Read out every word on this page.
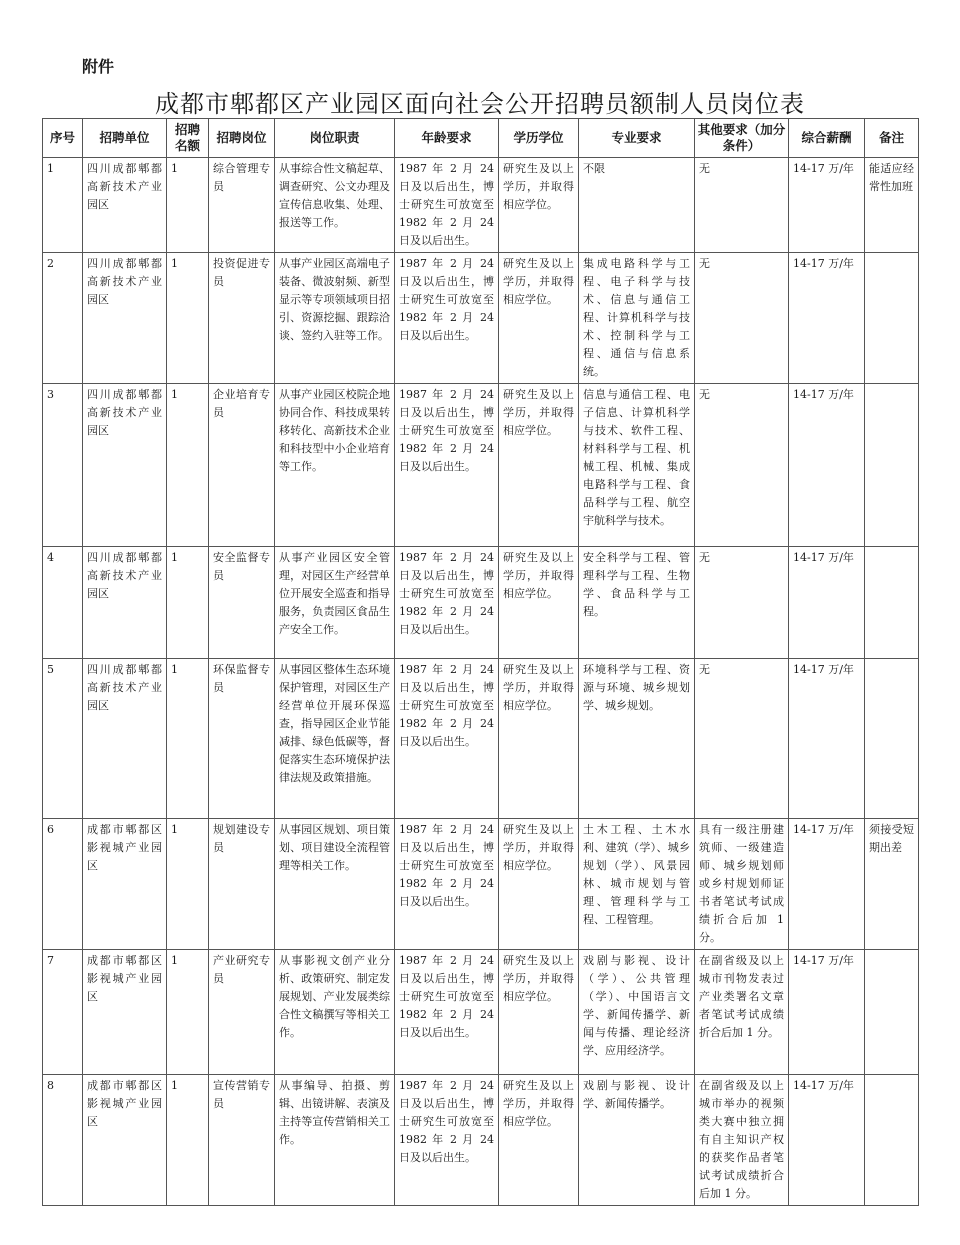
附件
成都市郫都区产业园区面向社会公开招聘员额制人员岗位表
序号	招聘单位	招聘名额	招聘岗位	岗位职责	年龄要求	学历学位	专业要求	其他要求（加分条件）	综合薪酬	备注
1	四川成都郫都高新技术产业园区	1	综合管理专员	从事综合性文稿起草、调查研究、公文办理及宣传信息收集、处理、报送等工作。	1987 年 2 月 24 日及以后出生，博士研究生可放宽至 1982 年 2 月 24 日及以后出生。	研究生及以上学历，并取得相应学位。	不限	无	14-17 万/年	能适应经常性加班
2	四川成都郫都高新技术产业园区	1	投资促进专员	从事产业园区高端电子装备、微波射频、新型显示等专项领域项目招引、资源挖掘、跟踪洽谈、签约入驻等工作。	1987 年 2 月 24 日及以后出生，博士研究生可放宽至 1982 年 2 月 24 日及以后出生。	研究生及以上学历，并取得相应学位。	集成电路科学与工程、电子科学与技术、信息与通信工程、计算机科学与技术、控制科学与工程、通信与信息系统。	无	14-17 万/年	
3	四川成都郫都高新技术产业园区	1	企业培育专员	从事产业园区校院企地协同合作、科技成果转移转化、高新技术企业和科技型中小企业培育等工作。	1987 年 2 月 24 日及以后出生，博士研究生可放宽至 1982 年 2 月 24 日及以后出生。	研究生及以上学历，并取得相应学位。	信息与通信工程、电子信息、计算机科学与技术、软件工程、材料科学与工程、机械工程、机械、集成电路科学与工程、食品科学与工程、航空宇航科学与技术。	无	14-17 万/年	
4	四川成都郫都高新技术产业园区	1	安全监督专员	从事产业园区安全管理，对园区生产经营单位开展安全巡查和指导服务，负责园区食品生产安全工作。	1987 年 2 月 24 日及以后出生，博士研究生可放宽至 1982 年 2 月 24 日及以后出生。	研究生及以上学历，并取得相应学位。	安全科学与工程、管理科学与工程、生物学、食品科学与工程。	无	14-17 万/年	
5	四川成都郫都高新技术产业园区	1	环保监督专员	从事园区整体生态环境保护管理，对园区生产经营单位开展环保巡查，指导园区企业节能减排、绿色低碳等，督促落实生态环境保护法律法规及政策措施。	1987 年 2 月 24 日及以后出生，博士研究生可放宽至 1982 年 2 月 24 日及以后出生。	研究生及以上学历，并取得相应学位。	环境科学与工程、资源与环境、城乡规划学、城乡规划。	无	14-17 万/年	
6	成都市郫都区影视城产业园区	1	规划建设专员	从事园区规划、项目策划、项目建设全流程管理等相关工作。	1987 年 2 月 24 日及以后出生，博士研究生可放宽至 1982 年 2 月 24 日及以后出生。	研究生及以上学历，并取得相应学位。	土木工程、土木水利、建筑（学）、城乡规划（学）、风景园林、城市规划与管理、管理科学与工程、工程管理。	具有一级注册建筑师、一级建造师、城乡规划师或乡村规划师证书者笔试考试成绩折合后加 1 分。	14-17 万/年	须接受短期出差
7	成都市郫都区影视城产业园区	1	产业研究专员	从事影视文创产业分析、政策研究、制定发展规划、产业发展类综合性文稿撰写等相关工作。	1987 年 2 月 24 日及以后出生，博士研究生可放宽至 1982 年 2 月 24 日及以后出生。	研究生及以上学历，并取得相应学位。	戏剧与影视、设计（学）、公共管理（学）、中国语言文学、新闻传播学、新闻与传播、理论经济学、应用经济学。	在副省级及以上城市刊物发表过产业类署名文章者笔试考试成绩折合后加 1 分。	14-17 万/年	
8	成都市郫都区影视城产业园区	1	宣传营销专员	从事编导、拍摄、剪辑、出镜讲解、表演及主持等宣传营销相关工作。	1987 年 2 月 24 日及以后出生，博士研究生可放宽至 1982 年 2 月 24 日及以后出生。	研究生及以上学历，并取得相应学位。	戏剧与影视、设计学、新闻传播学。	在副省级及以上城市举办的视频类大赛中独立拥有自主知识产权的获奖作品者笔试考试成绩折合后加 1 分。	14-17 万/年	
